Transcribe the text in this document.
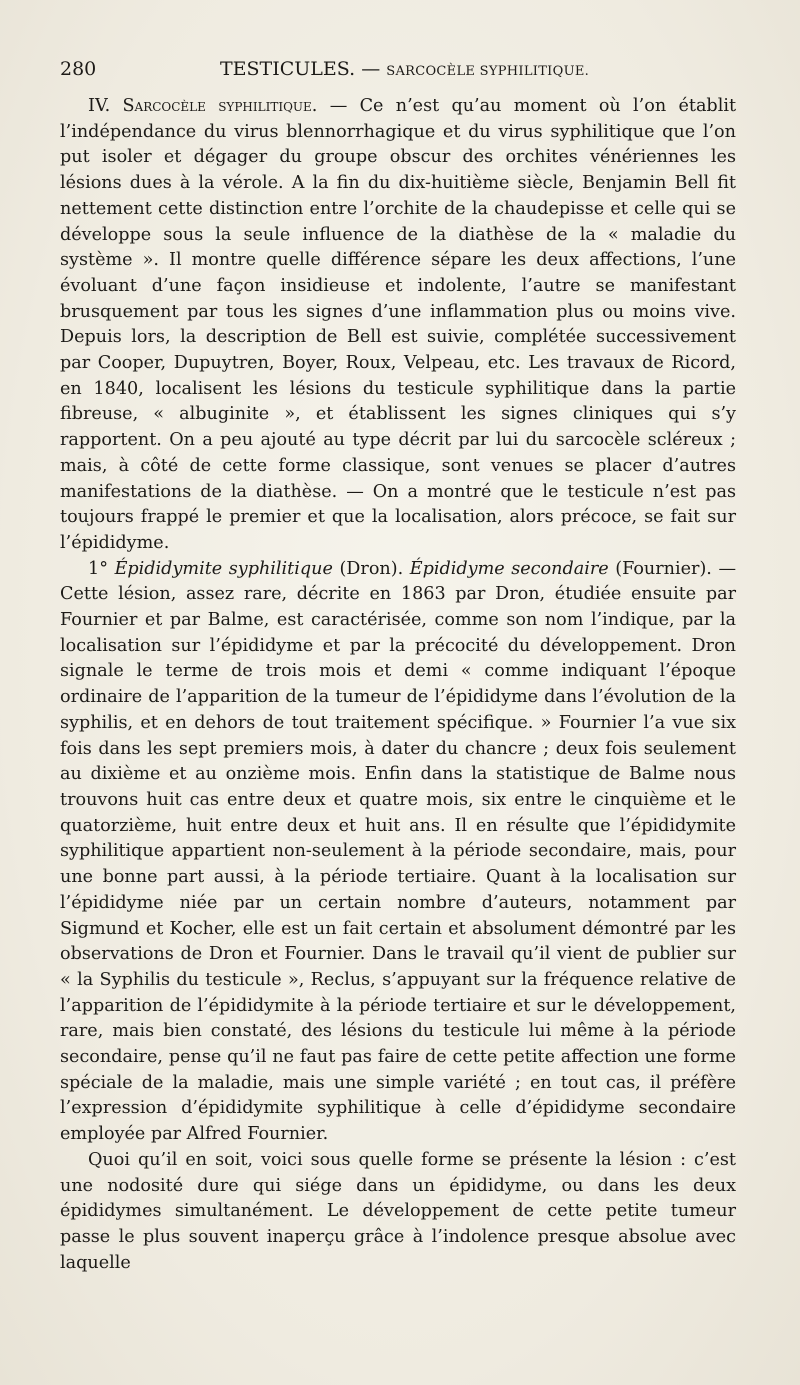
280	TESTICULES. — SARCOCÈLE SYPHILITIQUE.

IV. Sarcocèle syphilitique. — Ce n’est qu’au moment où l’on établit l’indépendance du virus blennorrhagique et du virus syphilitique que l’on put isoler et dégager du groupe obscur des orchites vénériennes les lésions dues à la vérole. A la fin du dix-huitième siècle, Benjamin Bell fit nettement cette distinction entre l’orchite de la chaudepisse et celle qui se développe sous la seule influence de la diathèse de la « maladie du système ». Il montre quelle différence sépare les deux affections, l’une évoluant d’une façon insidieuse et indolente, l’autre se manifestant brusquement par tous les signes d’une inflammation plus ou moins vive. Depuis lors, la description de Bell est suivie, complétée successivement par Cooper, Dupuytren, Boyer, Roux, Velpeau, etc. Les travaux de Ricord, en 1840, localisent les lésions du testicule syphilitique dans la partie fibreuse, « albuginite », et établissent les signes cliniques qui s’y rapportent. On a peu ajouté au type décrit par lui du sarcocèle scléreux ; mais, à côté de cette forme classique, sont venues se placer d’autres manifestations de la diathèse. — On a montré que le testicule n’est pas toujours frappé le premier et que la localisation, alors précoce, se fait sur l’épididyme.

1° Épididymite syphilitique (Dron). Épididyme secondaire (Fournier). — Cette lésion, assez rare, décrite en 1863 par Dron, étudiée ensuite par Fournier et par Balme, est caractérisée, comme son nom l’indique, par la localisation sur l’épididyme et par la précocité du développement. Dron signale le terme de trois mois et demi « comme indiquant l’époque ordinaire de l’apparition de la tumeur de l’épididyme dans l’évolution de la syphilis, et en dehors de tout traitement spécifique. » Fournier l’a vue six fois dans les sept premiers mois, à dater du chancre ; deux fois seulement au dixième et au onzième mois. Enfin dans la statistique de Balme nous trouvons huit cas entre deux et quatre mois, six entre le cinquième et le quatorzième, huit entre deux et huit ans. Il en résulte que l’épididymite syphilitique appartient non-seulement à la période secondaire, mais, pour une bonne part aussi, à la période tertiaire. Quant à la localisation sur l’épididyme niée par un certain nombre d’auteurs, notamment par Sigmund et Kocher, elle est un fait certain et absolument démontré par les observations de Dron et Fournier. Dans le travail qu’il vient de publier sur « la Syphilis du testicule », Reclus, s’appuyant sur la fréquence relative de l’apparition de l’épididymite à la période tertiaire et sur le développement, rare, mais bien constaté, des lésions du testicule lui même à la période secondaire, pense qu’il ne faut pas faire de cette petite affection une forme spéciale de la maladie, mais une simple variété ; en tout cas, il préfère l’expression d’épididymite syphilitique à celle d’épididyme secondaire employée par Alfred Fournier.

Quoi qu’il en soit, voici sous quelle forme se présente la lésion : c’est une nodosité dure qui siége dans un épididyme, ou dans les deux épididymes simultanément. Le développement de cette petite tumeur passe le plus souvent inaperçu grâce à l’indolence presque absolue avec laquelle
